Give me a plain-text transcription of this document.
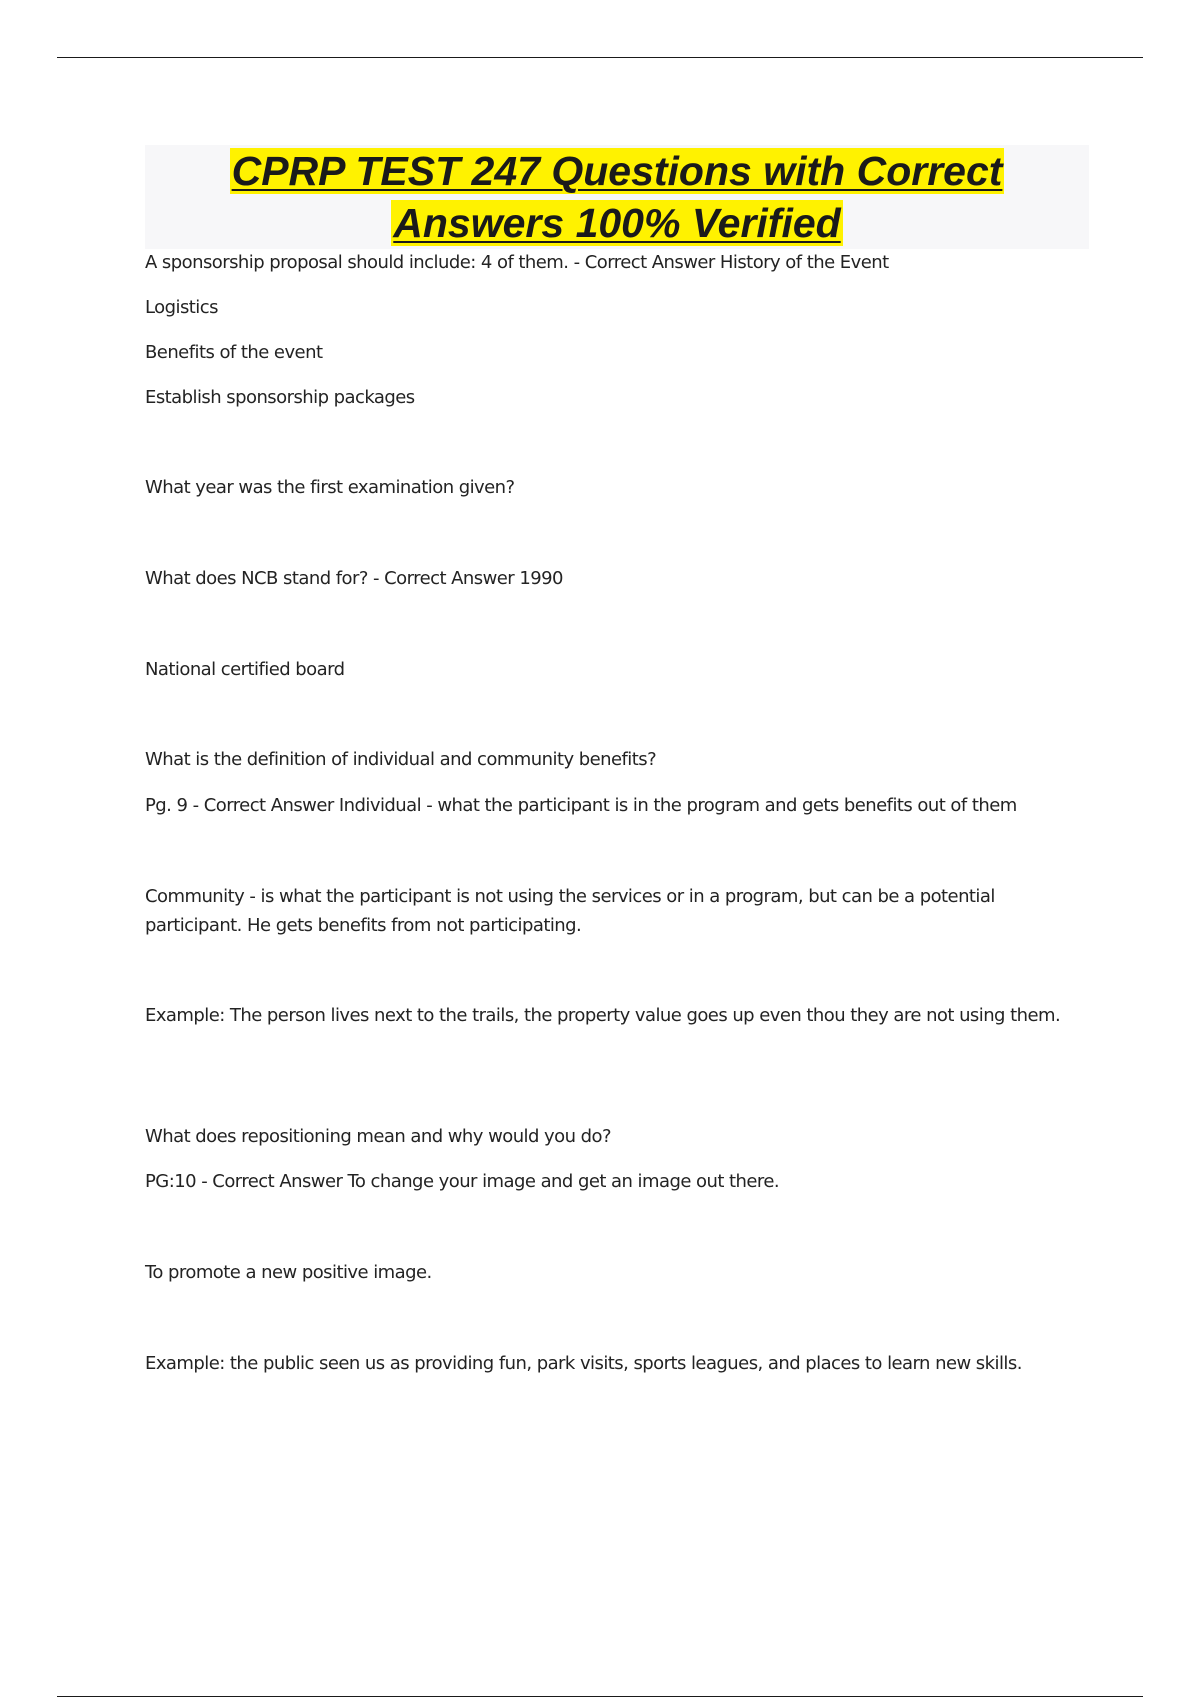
CPRP TEST 247 Questions with Correct
Answers 100% Verified

A sponsorship proposal should include: 4 of them. - Correct Answer History of the Event

Logistics

Benefits of the event

Establish sponsorship packages

What year was the first examination given?

What does NCB stand for? - Correct Answer 1990

National certified board

What is the definition of individual and community benefits?

Pg. 9 - Correct Answer Individual - what the participant is in the program and gets benefits out of them

Community - is what the participant is not using the services or in a program, but can be a potential participant. He gets benefits from not participating.

Example: The person lives next to the trails, the property value goes up even thou they are not using them.

What does repositioning mean and why would you do?

PG:10 - Correct Answer To change your image and get an image out there.

To promote a new positive image.

Example: the public seen us as providing fun, park visits, sports leagues, and places to learn new skills.
